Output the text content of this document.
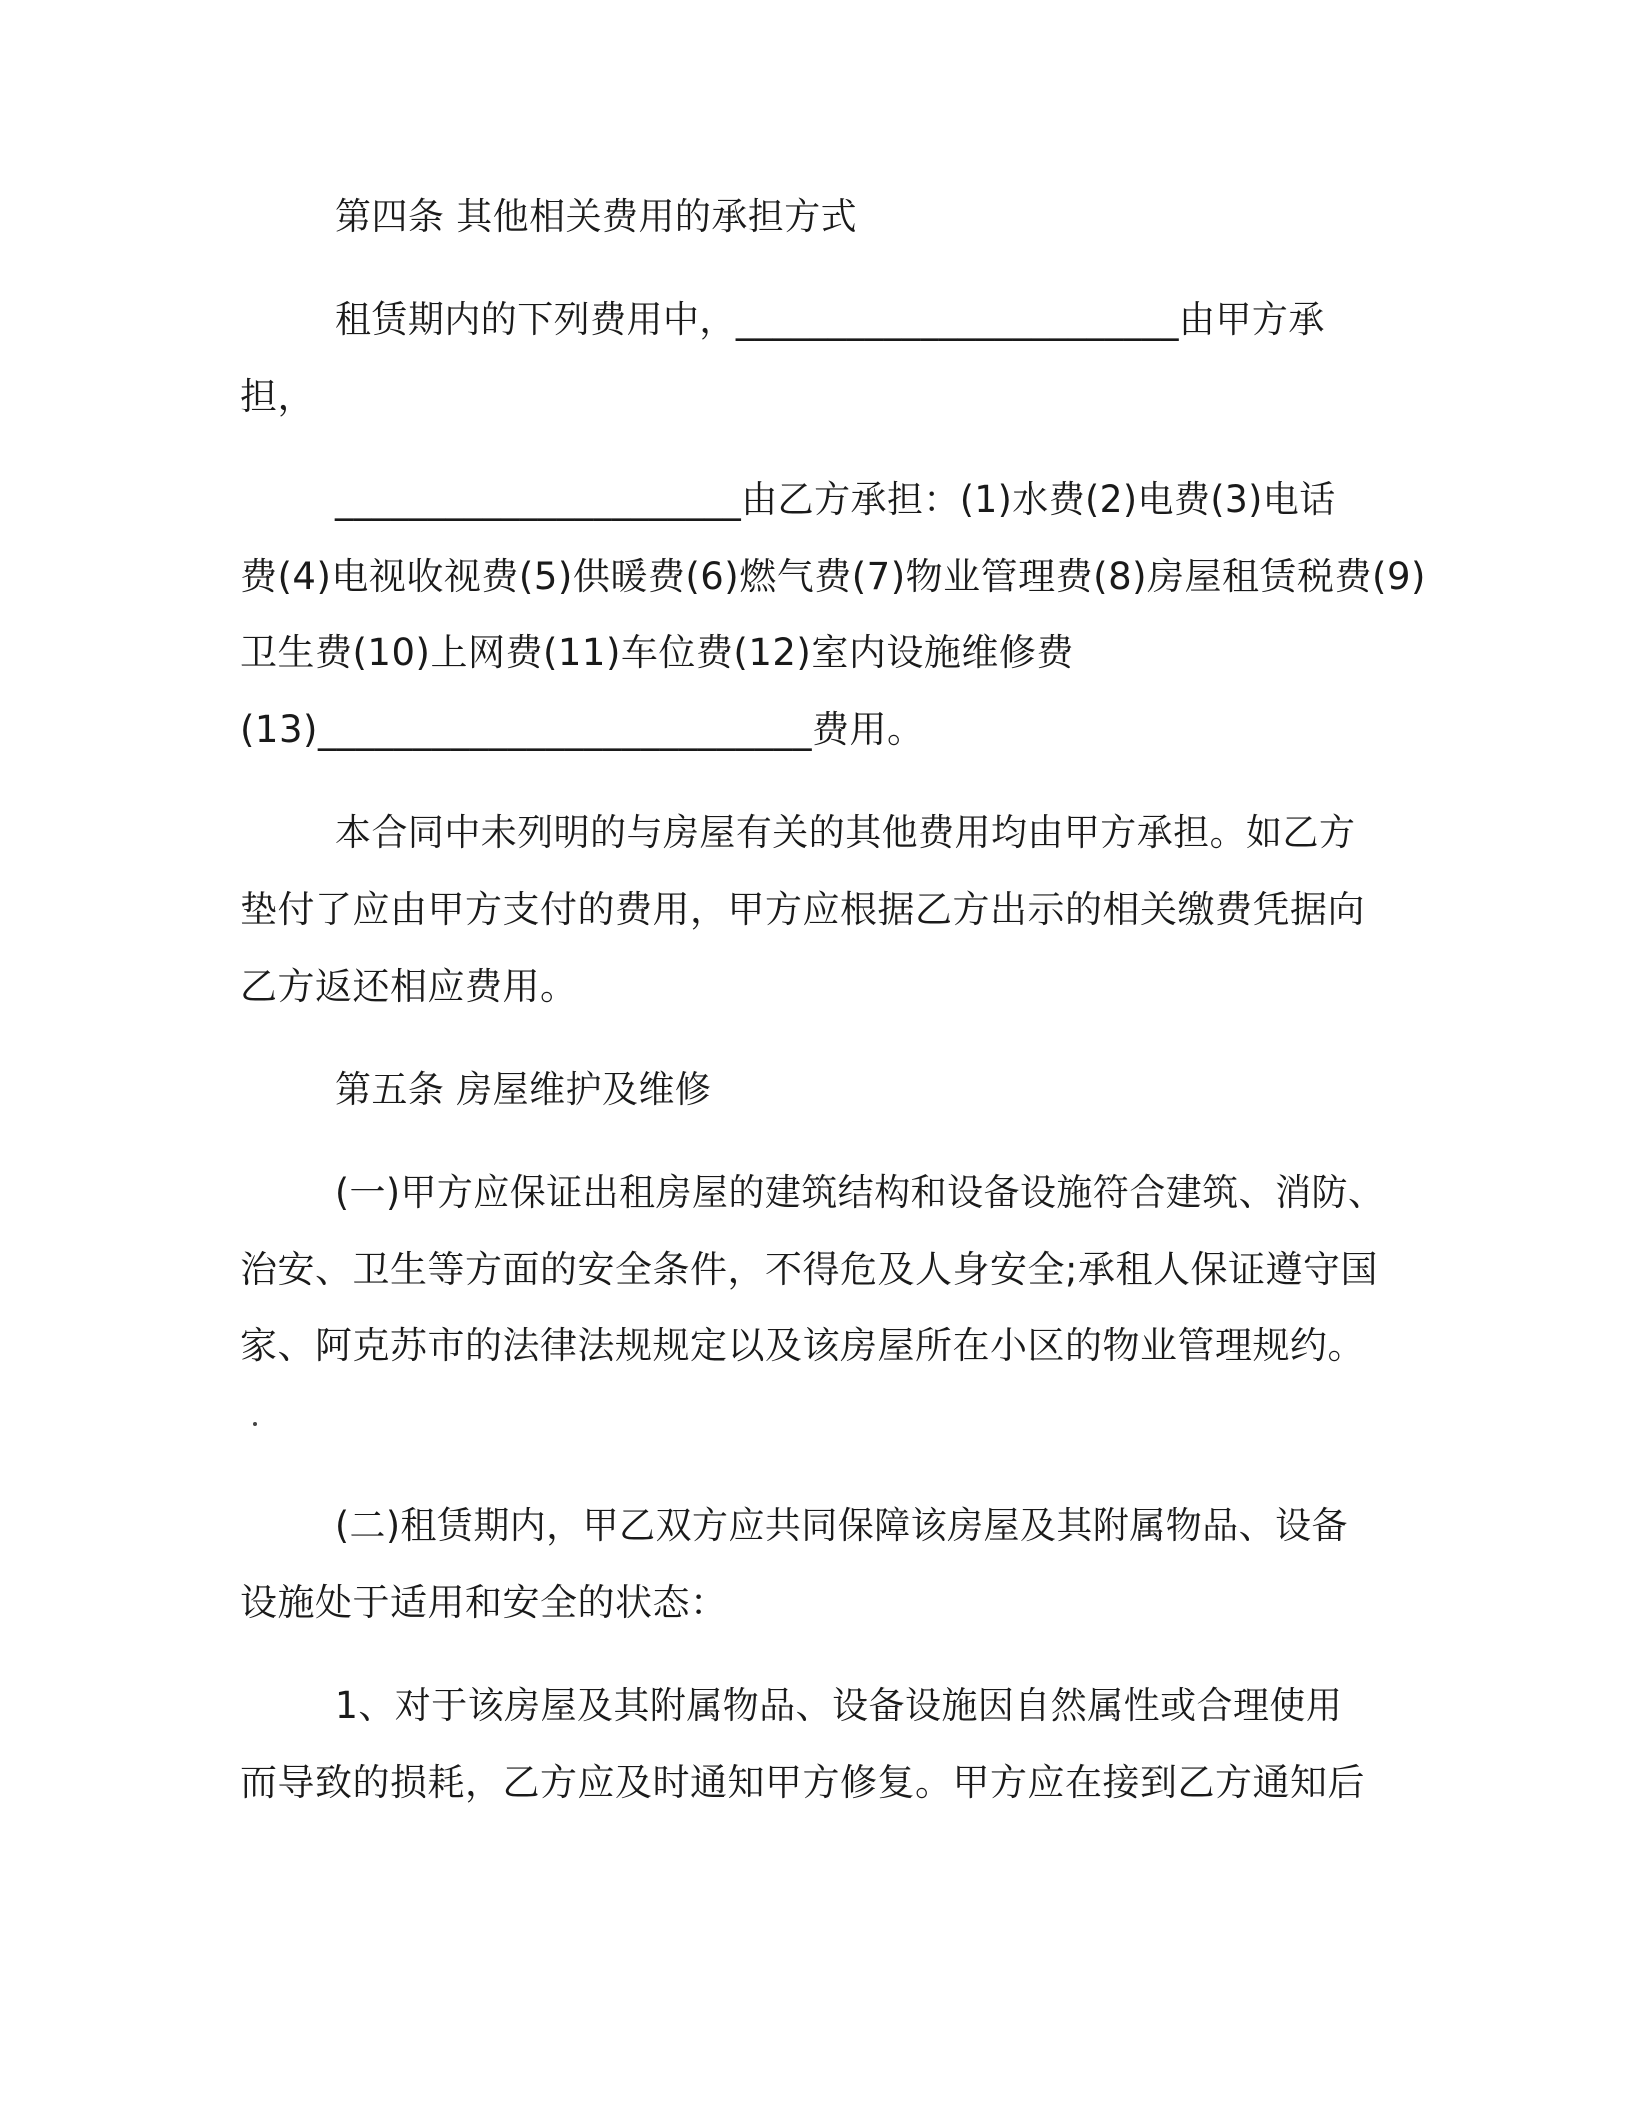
第四条 其他相关费用的承担方式
租赁期内的下列费用中，________________________由甲方承
担，
______________________由乙方承担：(1)水费(2)电费(3)电话
费(4)电视收视费(5)供暖费(6)燃气费(7)物业管理费(8)房屋租赁税费(9)
卫生费(10)上网费(11)车位费(12)室内设施维修费
(13)__________________________费用。
本合同中未列明的与房屋有关的其他费用均由甲方承担。如乙方
垫付了应由甲方支付的费用，甲方应根据乙方出示的相关缴费凭据向
乙方返还相应费用。
第五条 房屋维护及维修
(一)甲方应保证出租房屋的建筑结构和设备设施符合建筑、消防、
治安、卫生等方面的安全条件，不得危及人身安全;承租人保证遵守国
家、阿克苏市的法律法规规定以及该房屋所在小区的物业管理规约。
(二)租赁期内，甲乙双方应共同保障该房屋及其附属物品、设备
设施处于适用和安全的状态：
1、对于该房屋及其附属物品、设备设施因自然属性或合理使用
而导致的损耗，乙方应及时通知甲方修复。甲方应在接到乙方通知后
